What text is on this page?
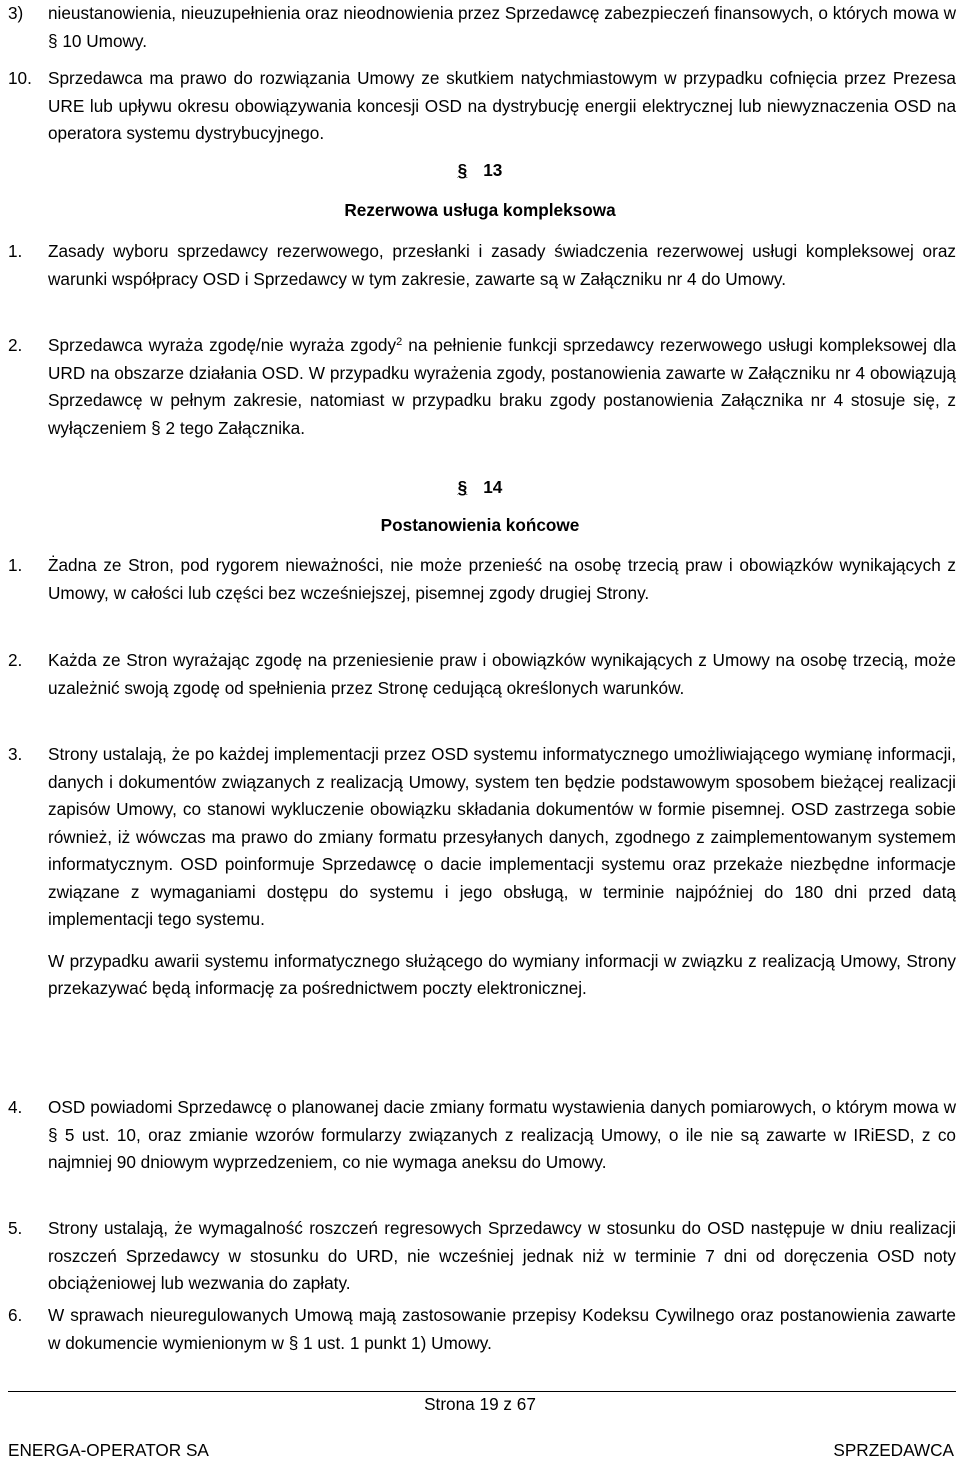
3) nieustanowienia, nieuzupełnienia oraz nieodnowienia przez Sprzedawcę zabezpieczeń finansowych, o których mowa w § 10 Umowy.
10. Sprzedawca ma prawo do rozwiązania Umowy ze skutkiem natychmiastowym w przypadku cofnięcia przez Prezesa URE lub upływu okresu obowiązywania koncesji OSD na dystrybucję energii elektrycznej lub niewyznaczenia OSD na operatora systemu dystrybucyjnego.
§ 13
Rezerwowa usługa kompleksowa
1. Zasady wyboru sprzedawcy rezerwowego, przesłanki i zasady świadczenia rezerwowej usługi kompleksowej oraz warunki współpracy OSD i Sprzedawcy w tym zakresie, zawarte są w Załączniku nr 4 do Umowy.
2. Sprzedawca wyraża zgodę/nie wyraża zgody$^2$ na pełnienie funkcji sprzedawcy rezerwowego usługi kompleksowej dla URD na obszarze działania OSD. W przypadku wyrażenia zgody, postanowienia zawarte w Załączniku nr 4 obowiązują Sprzedawcę w pełnym zakresie, natomiast w przypadku braku zgody postanowienia Załącznika nr 4 stosuje się, z wyłączeniem § 2 tego Załącznika.
§ 14
Postanowienia końcowe
1. Żadna ze Stron, pod rygorem nieważności, nie może przenieść na osobę trzecią praw i obowiązków wynikających z Umowy, w całości lub części bez wcześniejszej, pisemnej zgody drugiej Strony.
2. Każda ze Stron wyrażając zgodę na przeniesienie praw i obowiązków wynikających z Umowy na osobę trzecią, może uzależnić swoją zgodę od spełnienia przez Stronę cedującą określonych warunków.
3. Strony ustalają, że po każdej implementacji przez OSD systemu informatycznego umożliwiającego wymianę informacji, danych i dokumentów związanych z realizacją Umowy, system ten będzie podstawowym sposobem bieżącej realizacji zapisów Umowy, co stanowi wykluczenie obowiązku składania dokumentów w formie pisemnej. OSD zastrzega sobie również, iż wówczas ma prawo do zmiany formatu przesyłanych danych, zgodnego z zaimplementowanym systemem informatycznym. OSD poinformuje Sprzedawcę o dacie implementacji systemu oraz przekaże niezbędne informacje związane z wymaganiami dostępu do systemu i jego obsługą, w terminie najpóźniej do 180 dni przed datą implementacji tego systemu.
W przypadku awarii systemu informatycznego służącego do wymiany informacji w związku z realizacją Umowy, Strony przekazywać będą informację za pośrednictwem poczty elektronicznej.
4. OSD powiadomi Sprzedawcę o planowanej dacie zmiany formatu wystawienia danych pomiarowych, o którym mowa w § 5 ust. 10, oraz zmianie wzorów formularzy związanych z realizacją Umowy, o ile nie są zawarte w IRiESD, z co najmniej 90 dniowym wyprzedzeniem, co nie wymaga aneksu do Umowy.
5. Strony ustalają, że wymagalność roszczeń regresowych Sprzedawcy w stosunku do OSD następuje w dniu realizacji roszczeń Sprzedawcy w stosunku do URD, nie wcześniej jednak niż w terminie 7 dni od doręczenia OSD noty obciążeniowej lub wezwania do zapłaty.
6. W sprawach nieuregulowanych Umową mają zastosowanie przepisy Kodeksu Cywilnego oraz postanowienia zawarte w dokumencie wymienionym w § 1 ust. 1 punkt 1) Umowy.
Strona 19 z 67
ENERGA-OPERATOR SA	SPRZEDAWCA
